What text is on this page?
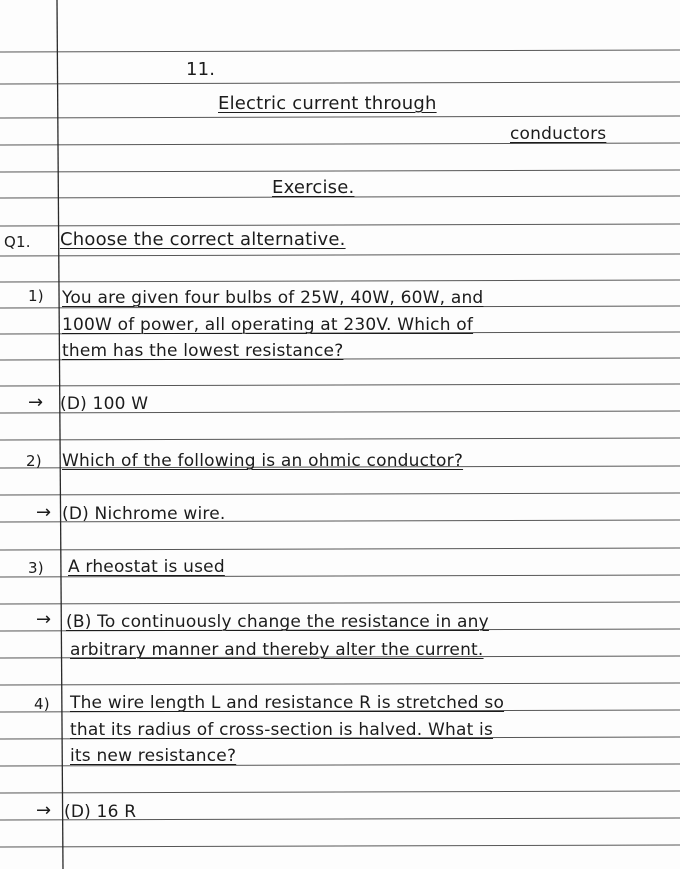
11.
Electric current through
conductors
Exercise.
Q1. Choose the correct alternative.
1) You are given four bulbs of 25W, 40W, 60W, and
100W of power, all operating at 230V. Which of
them has the lowest resistance?
→ (D) 100 W
2) Which of the following is an ohmic conductor?
→ (D) Nichrome wire.
3) A rheostat is used
→ (B) To continuously change the resistance in any
arbitrary manner and thereby alter the current.
4) The wire length L and resistance R is stretched so
that its radius of cross-section is halved. What is
its new resistance?
→ (D) 16 R
